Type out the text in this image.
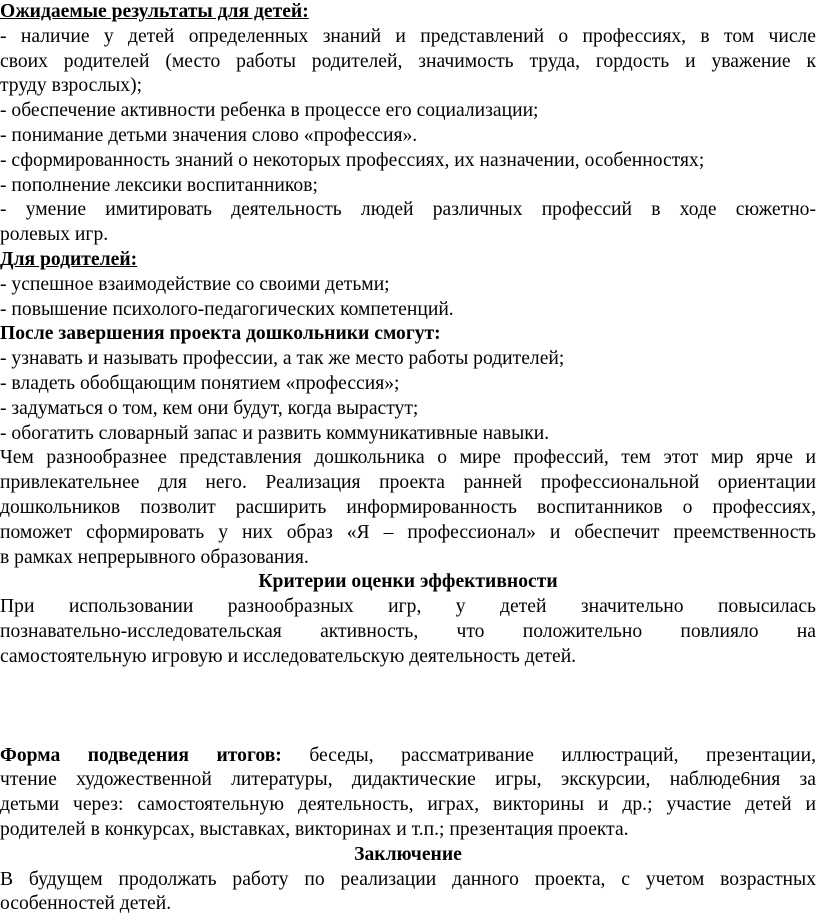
Ожидаемые результаты для детей:
- наличие у детей определенных знаний и представлений о профессиях, в том числе
своих родителей (место работы родителей, значимость труда, гордость и уважение к
труду взрослых);
- обеспечение активности ребенка в процессе его социализации;
- понимание детьми значения слово «профессия».
- сформированность знаний о некоторых профессиях, их назначении, особенностях;
- пополнение лексики воспитанников;
- умение имитировать деятельность людей различных профессий в ходе сюжетно-
ролевых игр.
Для родителей:
- успешное взаимодействие со своими детьми;
- повышение психолого-педагогических компетенций.
После завершения проекта дошкольники смогут:
- узнавать и называть профессии, а так же место работы родителей;
- владеть обобщающим понятием «профессия»;
- задуматься о том, кем они будут, когда вырастут;
- обогатить словарный запас и развить коммуникативные навыки.
Чем разнообразнее представления дошкольника о мире профессий, тем этот мир ярче и
привлекательнее для него. Реализация проекта ранней профессиональной ориентации
дошкольников позволит расширить информированность воспитанников о профессиях,
поможет сформировать у них образ «Я – профессионал» и обеспечит преемственность
в рамках непрерывного образования.
Критерии оценки эффективности
При использовании разнообразных игр, у детей значительно повысилась
познавательно-исследовательская активность, что положительно повлияло на
самостоятельную игровую и исследовательскую деятельность детей.
Форма подведения итогов: беседы, рассматривание иллюстраций, презентации,
чтение художественной литературы, дидактические игры, экскурсии, наблюде6ния за
детьми через: самостоятельную деятельность, играх, викторины и др.; участие детей и
родителей в конкурсах, выставках, викторинах и т.п.; презентация проекта.
Заключение
В будущем продолжать работу по реализации данного проекта, с учетом возрастных
особенностей детей.
